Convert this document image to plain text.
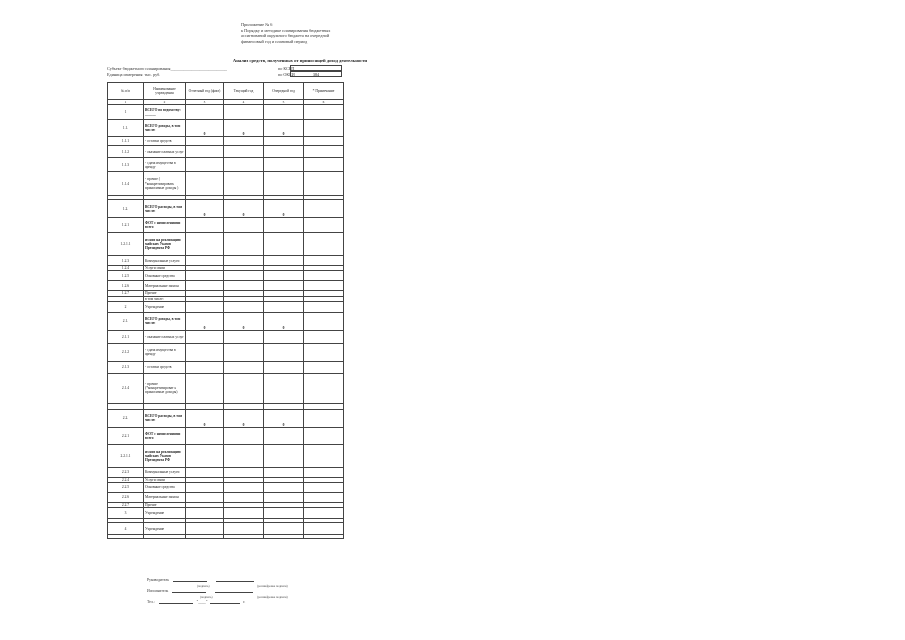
Приложение № 6
к Порядку и методике планирования бюджетных
ассигнований окружного бюджета на очередной
финансовый год и плановый период
Анализ средств, полученных от приносящей доход деятельности
Субъект бюджетного планирования___________________________	по КСБП
Единица измерения: тыс. руб.	по ОКЕИ	384
№ п/п	Наименование учреждения	Отчетный год (факт)	Текущий год	Очередной год	* Примечание
1	2	3	4	5	6
1	ВСЕГО по ведомству: ______				
1.1.	ВСЕГО доходы, в том числе:	0	0	0	
1.1.1	- остатки средств				
1.1.2	- оказание платных услуг				
1.1.3	- сдача имущества в аренду				
1.1.4	- прочие ( *конкретизировать приносимые доходы )				

1.2.	ВСЕГО расходы, в том числе:	0	0	0	
1.2.1	ФОТ с начислениями всего				
1.2.1.1	из них на реализацию майских Указов Президента РФ				
1.2.3	Коммунальные услуги				
1.2.4	Услуги связи				
1.2.5	Основные средства				
1.2.6	Материальные запасы				
1.2.7	Прочие				
	в том числе:				
2	Учреждение				
2.1.	ВСЕГО доходы, в том числе:	0	0	0	
2.1.1	- оказание платных услуг				
2.1.2	- сдача имущества в аренду				
2.1.3	- остатки средств				
2.1.4	- прочие (*конкретизироват ь приносимые доходы)				

2.2.	ВСЕГО расходы, в том числе:	0	0	0	
2.2.1	ФОТ с начислениями всего				
2.2.1.1	из них на реализацию майских Указов Президента РФ				
2.2.3	Коммунальные услуги				
2.2.4	Услуги связи				
2.2.5	Основные средства				
2.2.6	Материальные запасы				
2.2.7	Прочие				
3	Учреждение				

4	Учреждение				

Руководитель
(подпись)	(расшифровка подписи)
Исполнитель
(подпись)	(расшифровка подписи)
Тел.:	"____"	г.
